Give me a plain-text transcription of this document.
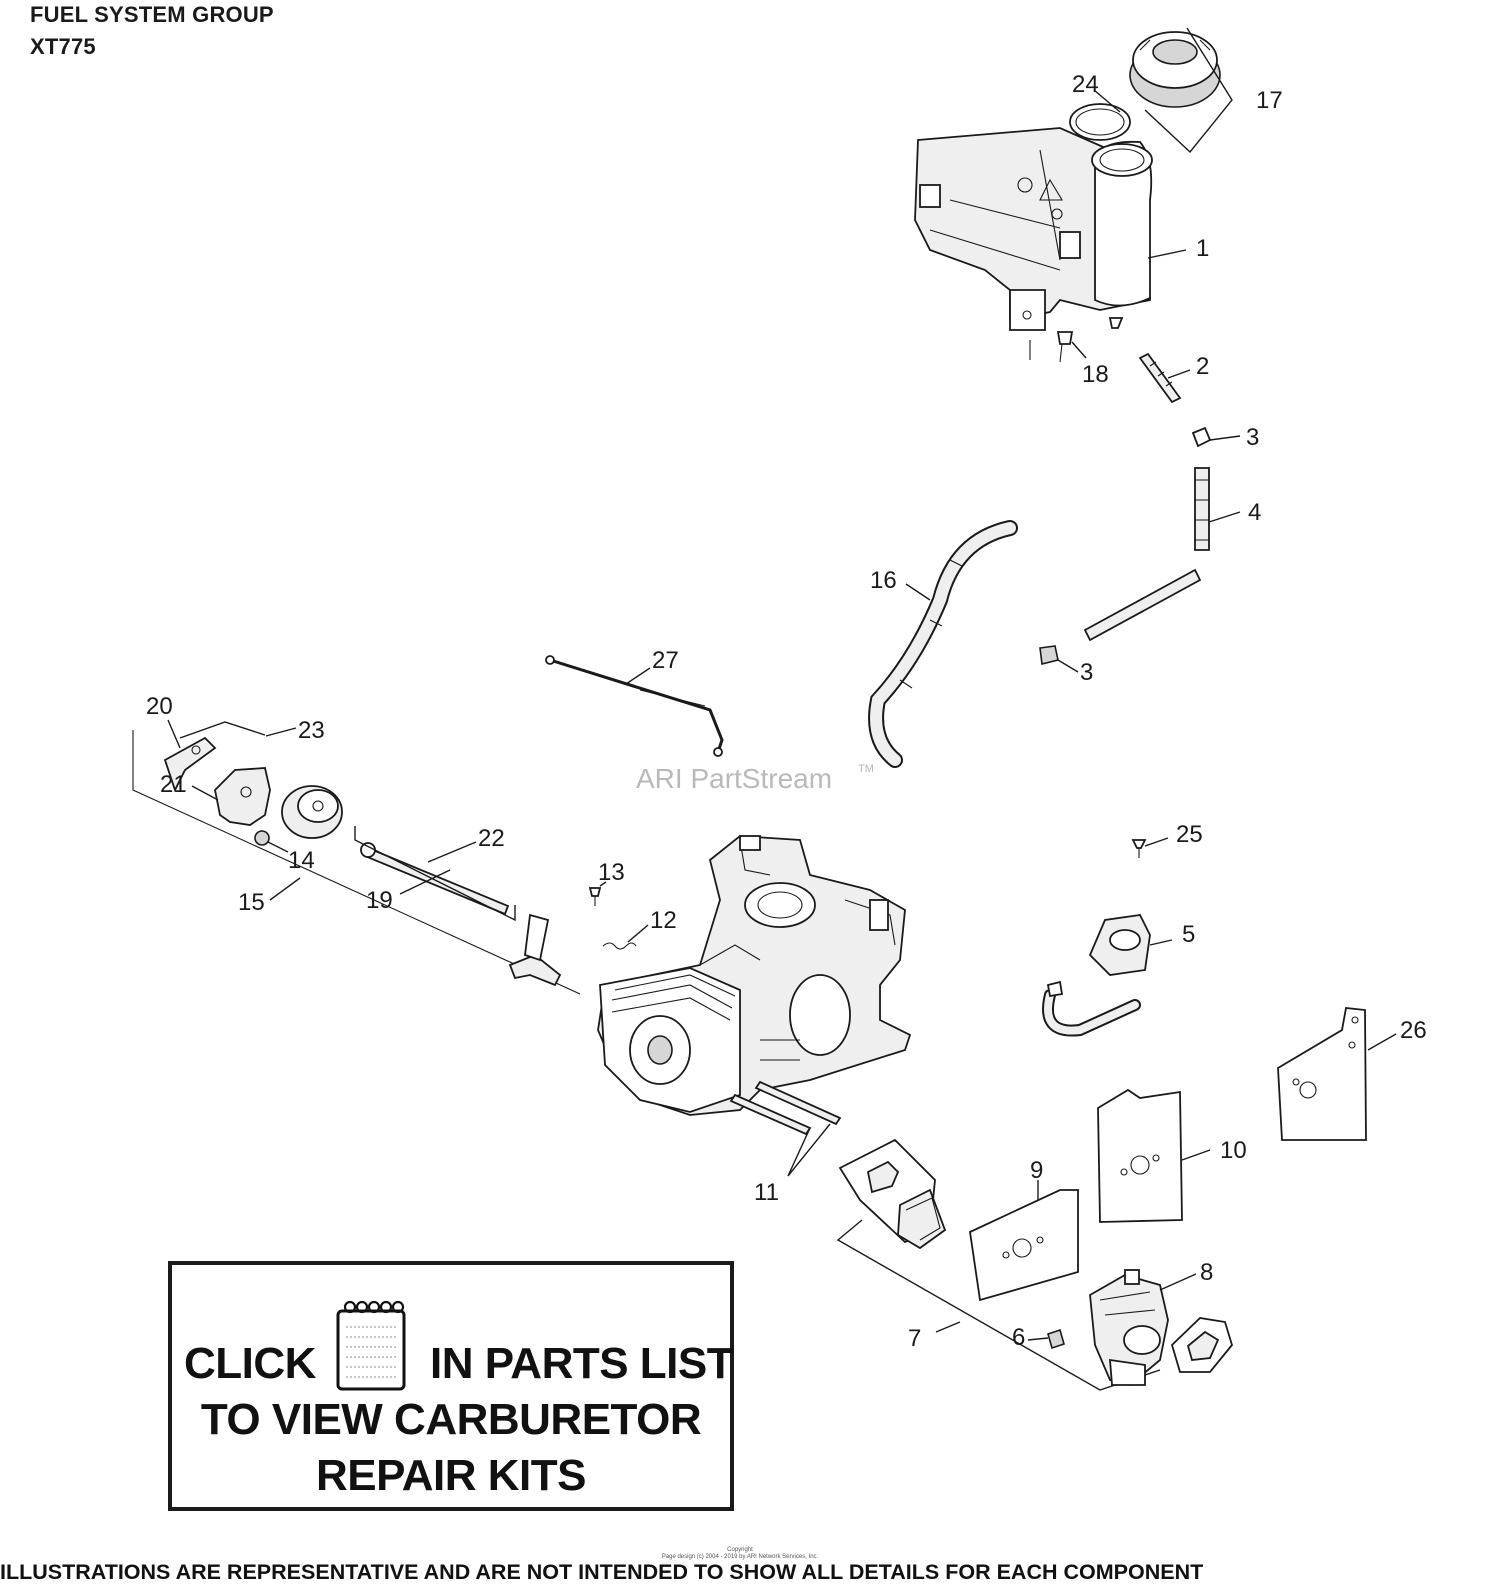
FUEL SYSTEM GROUP
XT775
ARI PartStream TM
1
2
3
3
4
5
6
7
8
9
10
11
12
13
14
15
16
17
18
19
20
21
22
23
24
25
26
27
CLICK	IN PARTS LIST
TO VIEW CARBURETOR
REPAIR KITS
Copyright
Page design (c) 2004 - 2019 by ARI Network Services, Inc.
ILLUSTRATIONS ARE REPRESENTATIVE AND ARE NOT INTENDED TO SHOW ALL DETAILS FOR EACH COMPONENT
